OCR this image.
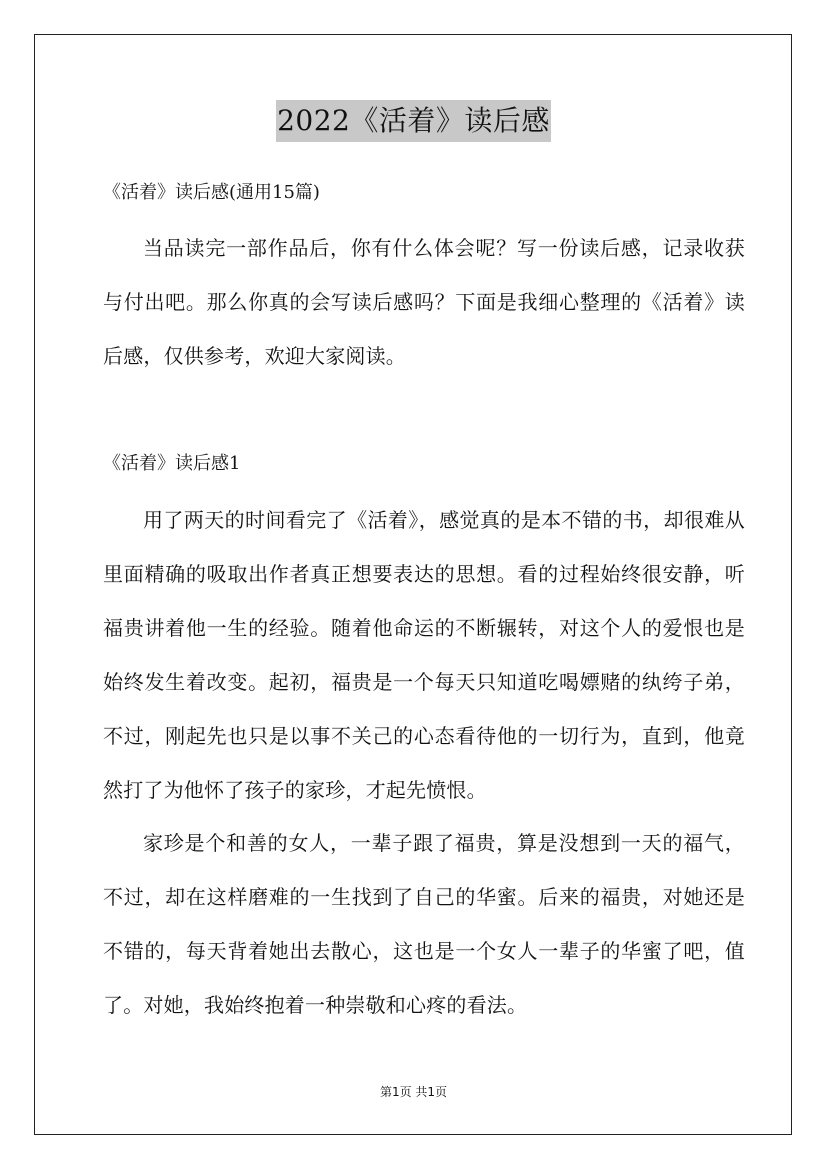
2022《活着》读后感
《活着》读后感(通用15篇)

当品读完一部作品后，你有什么体会呢？写一份读后感，记录收获与付出吧。那么你真的会写读后感吗？下面是我细心整理的《活着》读后感，仅供参考，欢迎大家阅读。

《活着》读后感1

用了两天的时间看完了《活着》，感觉真的是本不错的书，却很难从里面精确的吸取出作者真正想要表达的思想。看的过程始终很安静，听福贵讲着他一生的经验。随着他命运的不断辗转，对这个人的爱恨也是始终发生着改变。起初，福贵是一个每天只知道吃喝嫖赌的纨绔子弟，不过，刚起先也只是以事不关己的心态看待他的一切行为，直到，他竟然打了为他怀了孩子的家珍，才起先愤恨。

家珍是个和善的女人，一辈子跟了福贵，算是没想到一天的福气，不过，却在这样磨难的一生找到了自己的华蜜。后来的福贵，对她还是不错的，每天背着她出去散心，这也是一个女人一辈子的华蜜了吧，值了。对她，我始终抱着一种崇敬和心疼的看法。

第1页 共1页
